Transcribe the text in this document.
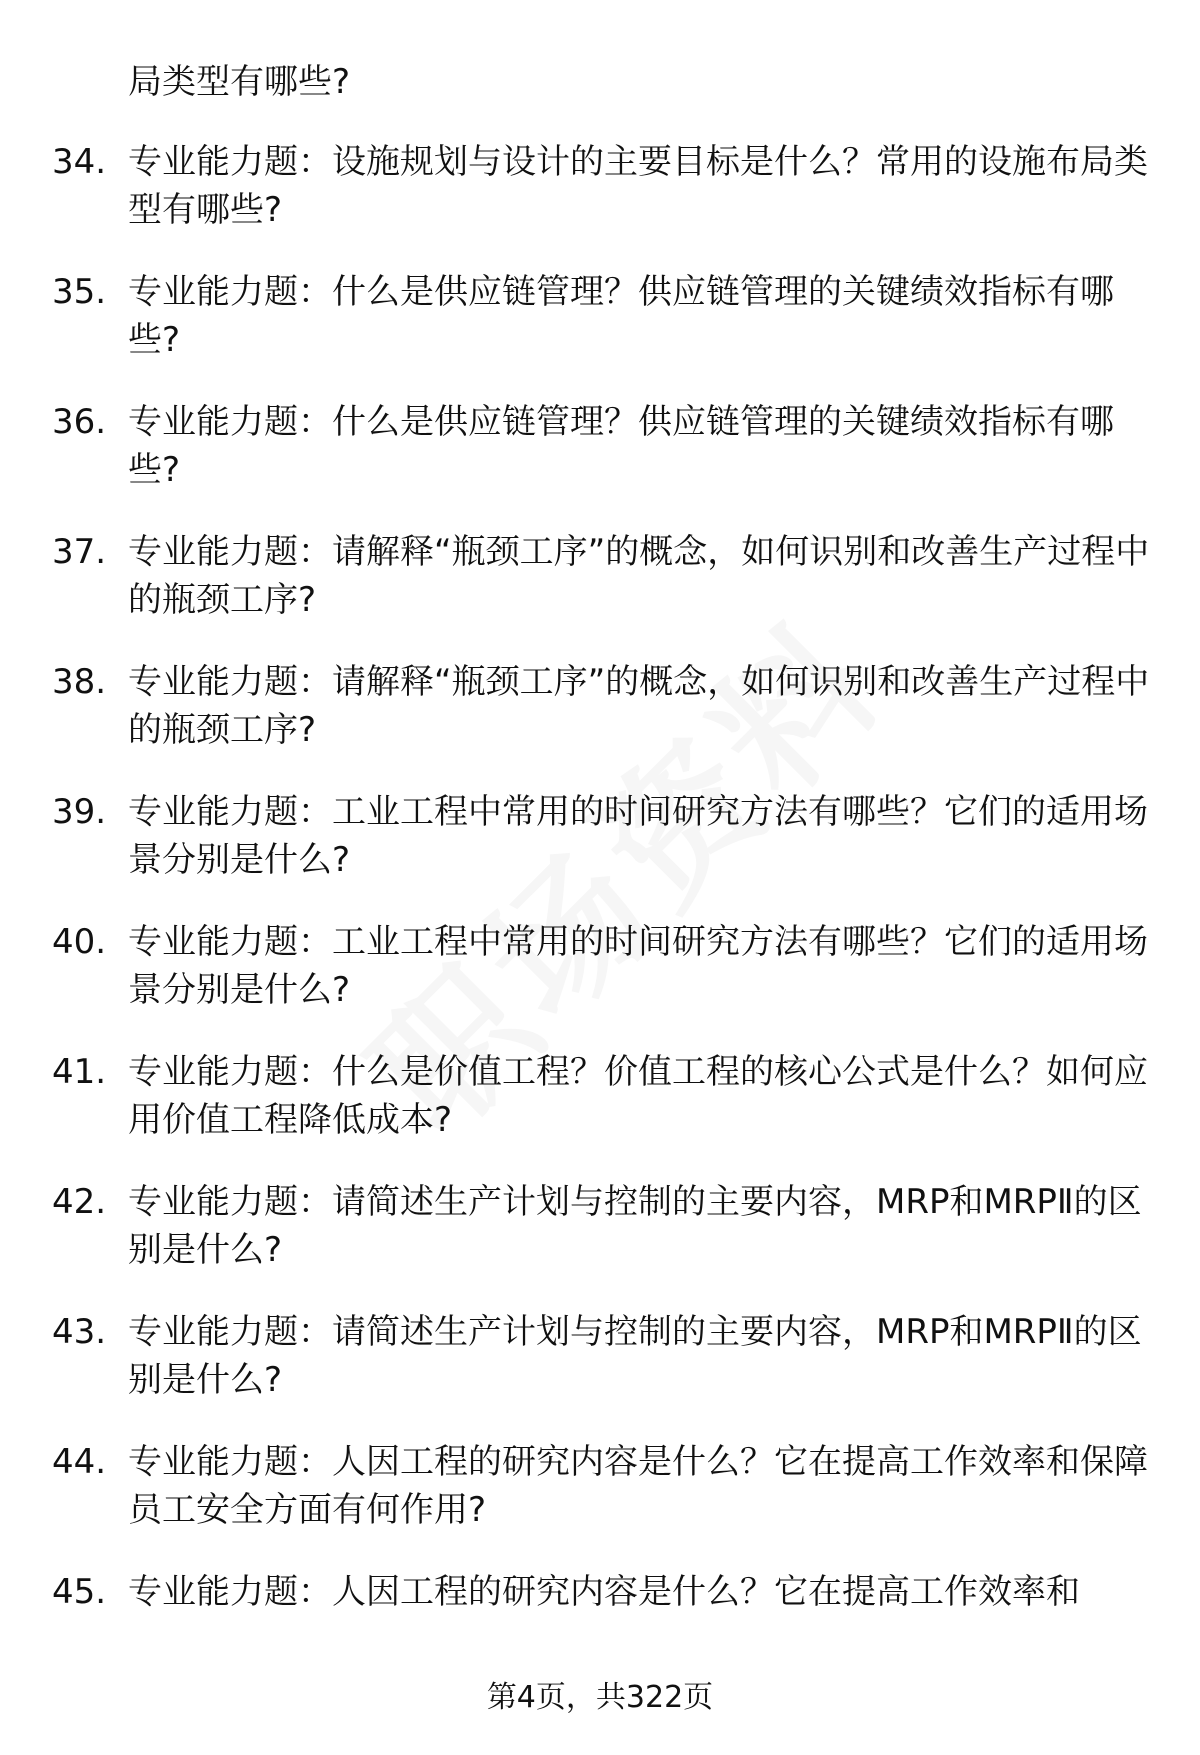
局类型有哪些?
34. 专业能力题：设施规划与设计的主要目标是什么？常用的设施布局类型有哪些?
35. 专业能力题：什么是供应链管理？供应链管理的关键绩效指标有哪些?
36. 专业能力题：什么是供应链管理？供应链管理的关键绩效指标有哪些?
37. 专业能力题：请解释“瓶颈工序”的概念，如何识别和改善生产过程中的瓶颈工序?
38. 专业能力题：请解释“瓶颈工序”的概念，如何识别和改善生产过程中的瓶颈工序?
39. 专业能力题：工业工程中常用的时间研究方法有哪些？它们的适用场景分别是什么?
40. 专业能力题：工业工程中常用的时间研究方法有哪些？它们的适用场景分别是什么?
41. 专业能力题：什么是价值工程？价值工程的核心公式是什么？如何应用价值工程降低成本?
42. 专业能力题：请简述生产计划与控制的主要内容，MRP和MRPⅡ的区别是什么?
43. 专业能力题：请简述生产计划与控制的主要内容，MRP和MRPⅡ的区别是什么?
44. 专业能力题：人因工程的研究内容是什么？它在提高工作效率和保障员工安全方面有何作用?
45. 专业能力题：人因工程的研究内容是什么？它在提高工作效率和
第4页，共322页
